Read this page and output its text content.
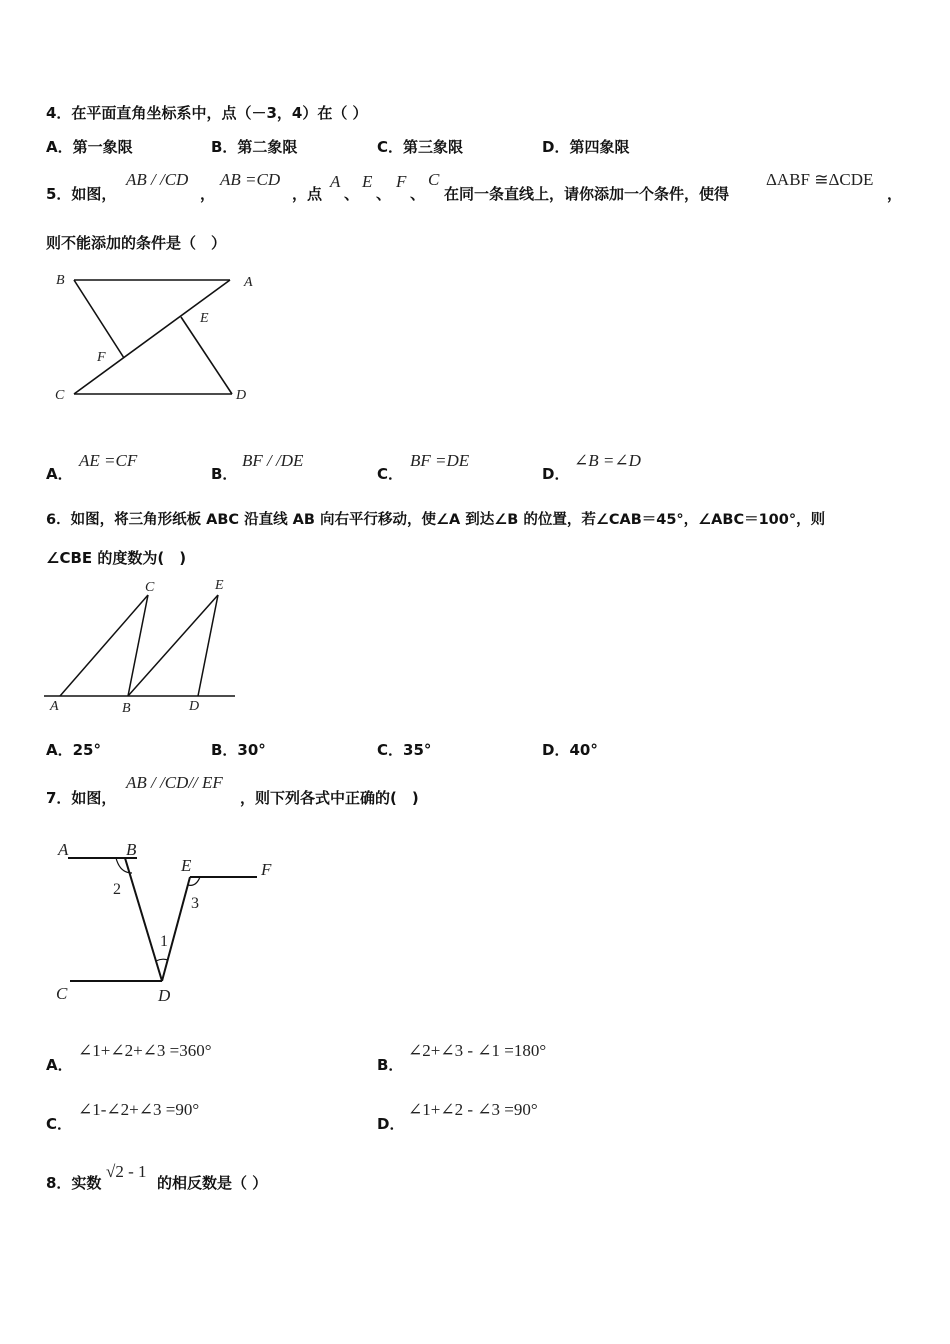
4．在平面直角坐标系中，点（－3，4）在（ ）
A．第一象限	B．第二象限	C．第三象限	D．第四象限
5．如图，
AB / /CD
，
AB =CD
，点
A
、
E
、
F
、
C
在同一条直线上，请你添加一个条件，使得
ΔABF ≅ΔCDE
，
则不能添加的条件是（　）
B	A
E
F
C	D
A．
AE =CF
B．
BF / /DE
C．
BF =DE
D．
∠B =∠D
6．如图，将三角形纸板 ABC 沿直线 AB 向右平行移动，使∠A 到达∠B 的位置，若∠CAB＝45°，∠ABC＝100°，则
∠CBE 的度数为(　)
C	E
A	B	D
A．25°	B．30°	C．35°	D．40°
7．如图，
AB / /CD// EF
，则下列各式中正确的(　)
A	B
E	F
2
3
1
C	D
A．
∠1+∠2+∠3 =360°
B．
∠2+∠3 - ∠1 =180°
C．
∠1-∠2+∠3 =90°
D．
∠1+∠2 - ∠3 =90°
8．实数
√2 - 1
的相反数是（ ）
